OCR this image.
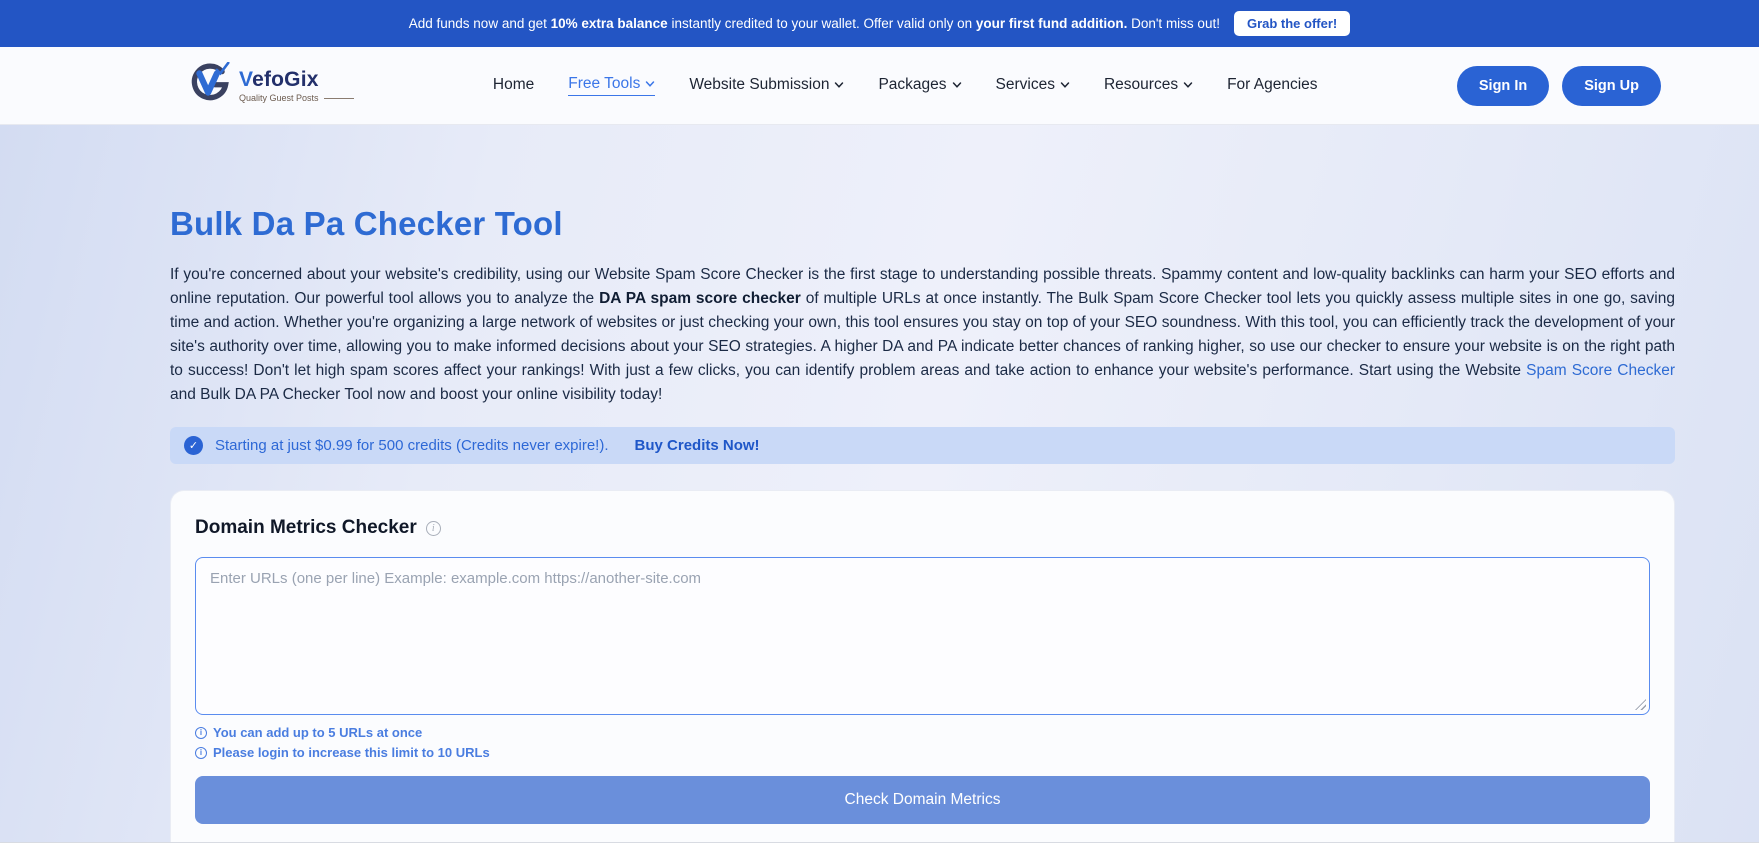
Add funds now and get 10% extra balance instantly credited to your wallet. Offer valid only on your first fund addition. Don't miss out!	Grab the offer!
VefoGix
Quality Guest Posts
Home Free Tools	Website Submission	Packages	Services	Resources	For Agencies	Sign In	Sign Up
Bulk Da Pa Checker Tool

If you're concerned about your website's credibility, using our Website Spam Score Checker is the first stage to understanding possible threats. Spammy content and low-quality backlinks can harm your SEO efforts and online reputation. Our powerful tool allows you to analyze the DA PA spam score checker of multiple URLs at once instantly. The Bulk Spam Score Checker tool lets you quickly assess multiple sites in one go, saving time and action. Whether you're organizing a large network of websites or just checking your own, this tool ensures you stay on top of your SEO soundness. With this tool, you can efficiently track the development of your site's authority over time, allowing you to make informed decisions about your SEO strategies. A higher DA and PA indicate better chances of ranking higher, so use our checker to ensure your website is on the right path to success! Don't let high spam scores affect your rankings! With just a few clicks, you can identify problem areas and take action to enhance your website's performance. Start using the Website Spam Score Checker and Bulk DA PA Checker Tool now and boost your online visibility today!

✓	Starting at just $0.99 for 500 credits (Credits never expire!). Buy Credits Now!
Domain Metrics Checker	i
Enter URLs (one per line) Example: example.com https://another-site.com
i You can add up to 5 URLs at once
i Please login to increase this limit to 10 URLs
Check Domain Metrics
